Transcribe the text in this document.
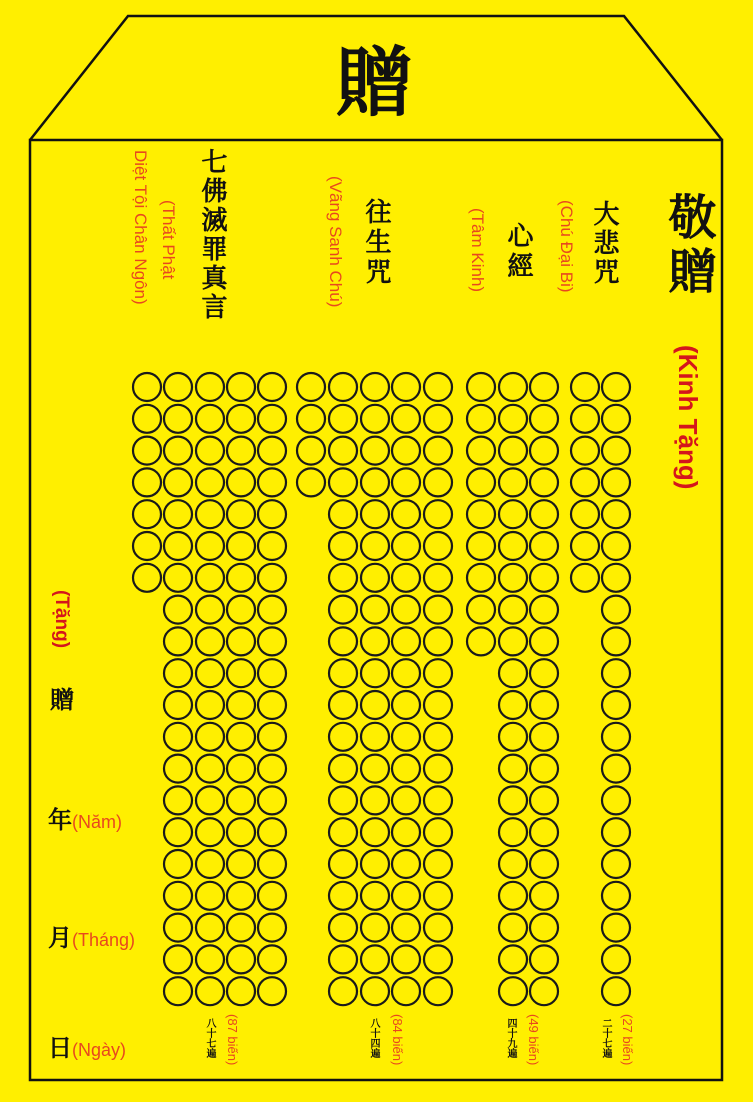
贈
敬贈
(Kinh Tặng)
大悲咒
(Chú Đại Bi)
心經
(Tâm Kinh)
往生咒
(Vãng Sanh Chú)
七佛滅罪真言
(Thất Phật
Diệt Tội Chân Ngôn)
二十七遍 (27 biến)
四十九遍 (49 biến)
八十四遍 (84 biến)
八十七遍 (87 biến)
(Tặng)
贈
年(Năm)
月(Tháng)
日(Ngày)
